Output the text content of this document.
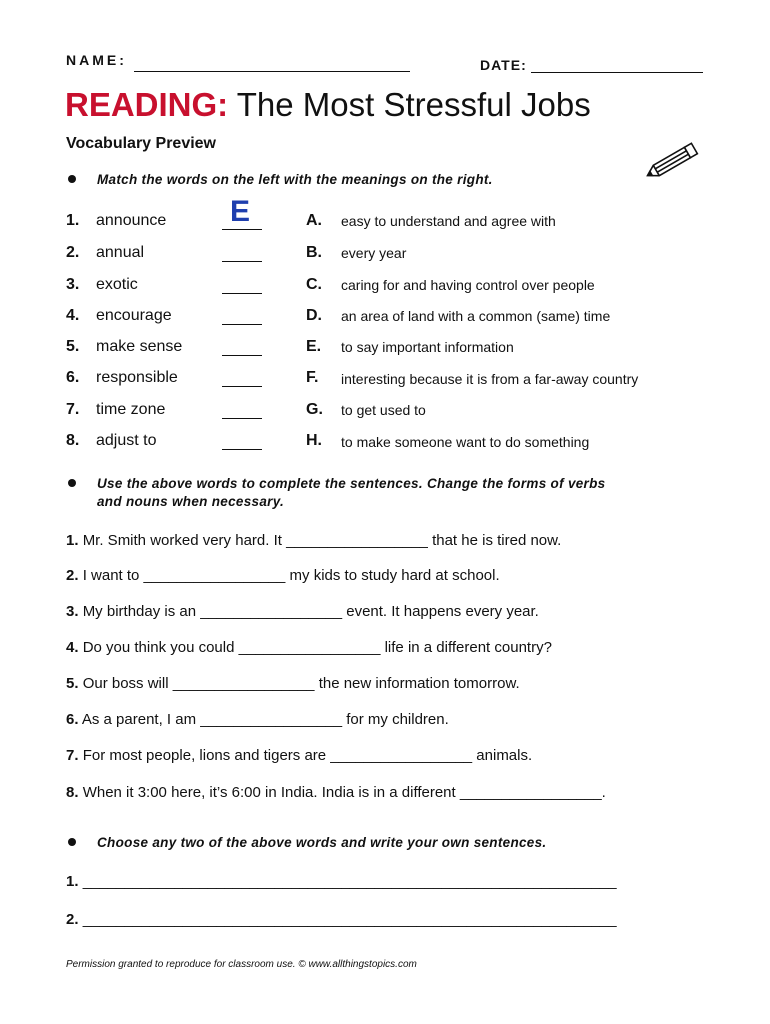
NAME:	DATE:
READING: The Most Stressful Jobs
Vocabulary Preview
Match the words on the left with the meanings on the right.
1. announce E
2. annual
3. exotic
4. encourage
5. make sense
6. responsible
7. time zone
8. adjust to
A. easy to understand and agree with
B. every year
C. caring for and having control over people
D. an area of land with a common (same) time
E. to say important information
F. interesting because it is from a far-away country
G. to get used to
H. to make someone want to do something
Use the above words to complete the sentences. Change the forms of verbs
and nouns when necessary.
1. Mr. Smith worked very hard. It _________________ that he is tired now.
2. I want to _________________ my kids to study hard at school.
3. My birthday is an _________________ event. It happens every year.
4. Do you think you could _________________ life in a different country?
5. Our boss will _________________ the new information tomorrow.
6. As a parent, I am _________________ for my children.
7. For most people, lions and tigers are _________________ animals.
8. When it 3:00 here, it’s 6:00 in India. India is in a different _________________.
Choose any two of the above words and write your own sentences.
1. ________________________________________________________________
2. ________________________________________________________________
Permission granted to reproduce for classroom use. © www.allthingstopics.com
